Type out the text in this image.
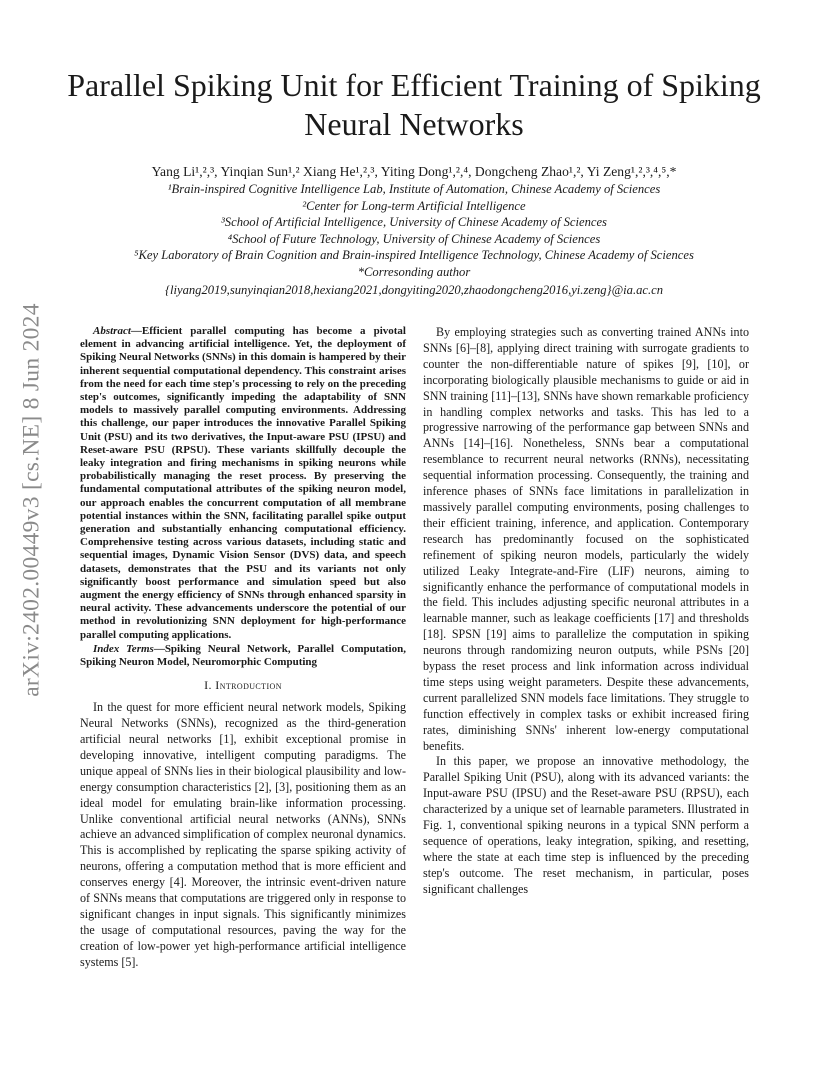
arXiv:2402.00449v3 [cs.NE] 8 Jun 2024
Parallel Spiking Unit for Efficient Training of Spiking Neural Networks
Yang Li¹,²,³, Yinqian Sun¹,² Xiang He¹,²,³, Yiting Dong¹,²,⁴, Dongcheng Zhao¹,², Yi Zeng¹,²,³,⁴,⁵,*
¹Brain-inspired Cognitive Intelligence Lab, Institute of Automation, Chinese Academy of Sciences
²Center for Long-term Artificial Intelligence
³School of Artificial Intelligence, University of Chinese Academy of Sciences
⁴School of Future Technology, University of Chinese Academy of Sciences
⁵Key Laboratory of Brain Cognition and Brain-inspired Intelligence Technology, Chinese Academy of Sciences
*Corresonding author
{liyang2019,sunyinqian2018,hexiang2021,dongyiting2020,zhaodongcheng2016,yi.zeng}@ia.ac.cn

Abstract—Efficient parallel computing has become a pivotal element in advancing artificial intelligence. Yet, the deployment of Spiking Neural Networks (SNNs) in this domain is hampered by their inherent sequential computational dependency. This constraint arises from the need for each time step's processing to rely on the preceding step's outcomes, significantly impeding the adaptability of SNN models to massively parallel computing environments. Addressing this challenge, our paper introduces the innovative Parallel Spiking Unit (PSU) and its two derivatives, the Input-aware PSU (IPSU) and Reset-aware PSU (RPSU). These variants skillfully decouple the leaky integration and firing mechanisms in spiking neurons while probabilistically managing the reset process. By preserving the fundamental computational attributes of the spiking neuron model, our approach enables the concurrent computation of all membrane potential instances within the SNN, facilitating parallel spike output generation and substantially enhancing computational efficiency. Comprehensive testing across various datasets, including static and sequential images, Dynamic Vision Sensor (DVS) data, and speech datasets, demonstrates that the PSU and its variants not only significantly boost performance and simulation speed but also augment the energy efficiency of SNNs through enhanced sparsity in neural activity. These advancements underscore the potential of our method in revolutionizing SNN deployment for high-performance parallel computing applications.

Index Terms—Spiking Neural Network, Parallel Computation, Spiking Neuron Model, Neuromorphic Computing

I. Introduction

In the quest for more efficient neural network models, Spiking Neural Networks (SNNs), recognized as the third-generation artificial neural networks [1], exhibit exceptional promise in developing innovative, intelligent computing paradigms. The unique appeal of SNNs lies in their biological plausibility and low-energy consumption characteristics [2], [3], positioning them as an ideal model for emulating brain-like information processing. Unlike conventional artificial neural networks (ANNs), SNNs achieve an advanced simplification of complex neuronal dynamics. This is accomplished by replicating the sparse spiking activity of neurons, offering a computation method that is more efficient and conserves energy [4]. Moreover, the intrinsic event-driven nature of SNNs means that computations are triggered only in response to significant changes in input signals. This significantly minimizes the usage of computational resources, paving the way for the creation of low-power yet high-performance artificial intelligence systems [5].

By employing strategies such as converting trained ANNs into SNNs [6]–[8], applying direct training with surrogate gradients to counter the non-differentiable nature of spikes [9], [10], or incorporating biologically plausible mechanisms to guide or aid in SNN training [11]–[13], SNNs have shown remarkable proficiency in handling complex networks and tasks. This has led to a progressive narrowing of the performance gap between SNNs and ANNs [14]–[16]. Nonetheless, SNNs bear a computational resemblance to recurrent neural networks (RNNs), necessitating sequential information processing. Consequently, the training and inference phases of SNNs face limitations in parallelization in massively parallel computing environments, posing challenges to their efficient training, inference, and application. Contemporary research has predominantly focused on the sophisticated refinement of spiking neuron models, particularly the widely utilized Leaky Integrate-and-Fire (LIF) neurons, aiming to significantly enhance the performance of computational models in the field. This includes adjusting specific neuronal attributes in a learnable manner, such as leakage coefficients [17] and thresholds [18]. SPSN [19] aims to parallelize the computation in spiking neurons through randomizing neuron outputs, while PSNs [20] bypass the reset process and link information across individual time steps using weight parameters. Despite these advancements, current parallelized SNN models face limitations. They struggle to function effectively in complex tasks or exhibit increased firing rates, diminishing SNNs' inherent low-energy computational benefits.

In this paper, we propose an innovative methodology, the Parallel Spiking Unit (PSU), along with its advanced variants: the Input-aware PSU (IPSU) and the Reset-aware PSU (RPSU), each characterized by a unique set of learnable parameters. Illustrated in Fig. 1, conventional spiking neurons in a typical SNN perform a sequence of operations, leaky integration, spiking, and resetting, where the state at each time step is influenced by the preceding step's outcome. The reset mechanism, in particular, poses significant challenges
